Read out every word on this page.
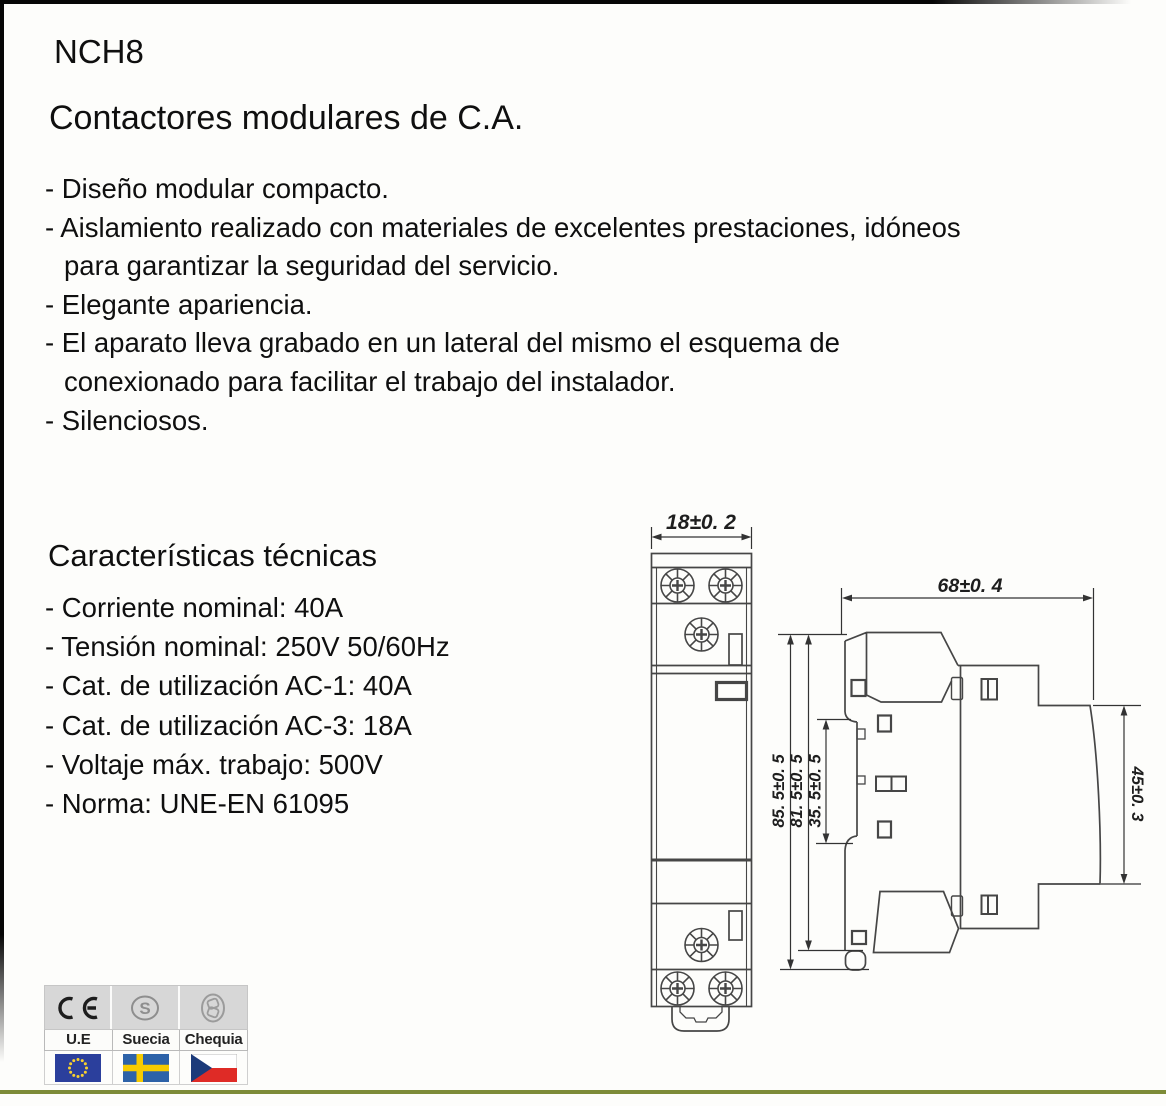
NCH8
Contactores modulares de C.A.
- Diseño modular compacto.
- Aislamiento realizado con materiales de excelentes prestaciones, idóneos
para garantizar la seguridad del servicio.
- Elegante apariencia.
- El aparato lleva grabado en un lateral del mismo el esquema de
conexionado para facilitar el trabajo del instalador.
- Silenciosos.
Características técnicas
- Corriente nominal: 40A
- Tensión nominal: 250V 50/60Hz
- Cat. de utilización AC-1: 40A
- Cat. de utilización AC-3: 18A
- Voltaje máx. trabajo: 500V
- Norma: UNE-EN 61095
18±0. 2
68±0. 4
85. 5±0. 5 81. 5±0. 5 35. 5±0. 5	45±0. 3
S
U.E	Suecia	Chequia
